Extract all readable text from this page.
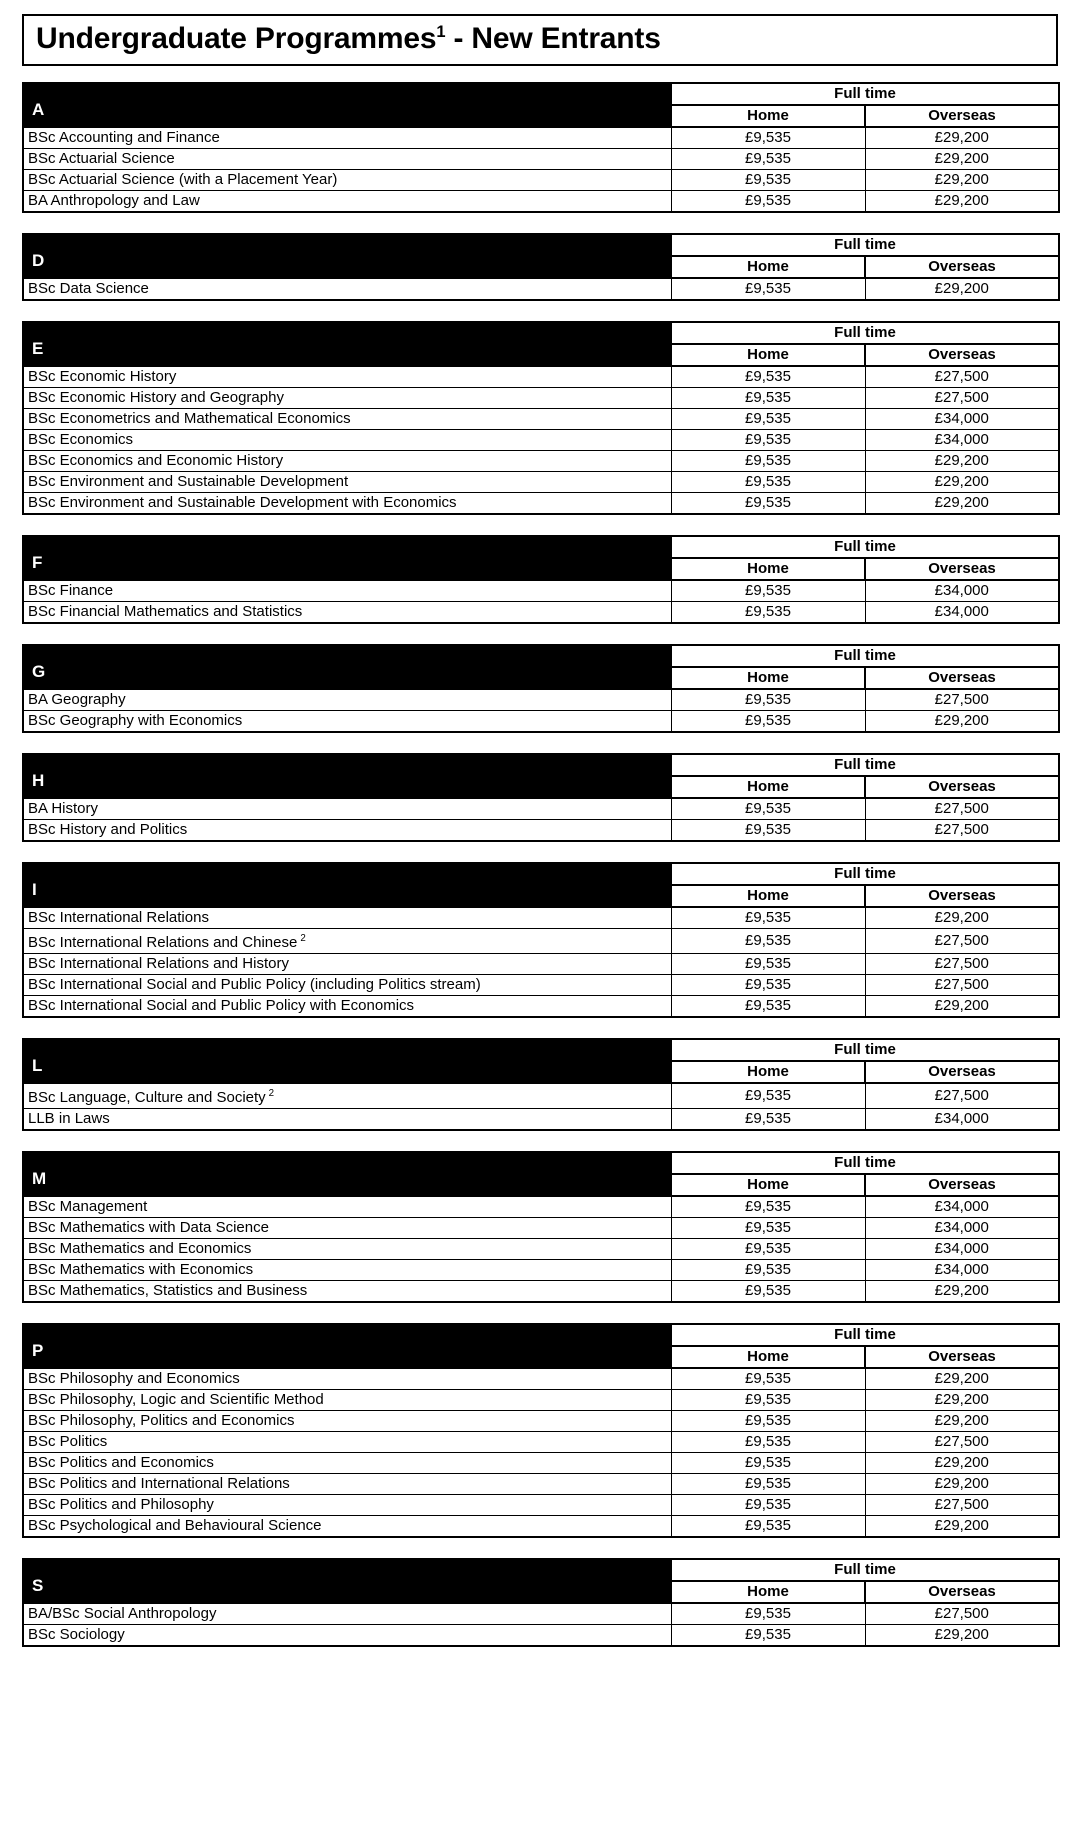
Undergraduate Programmes$^1$ - New Entrants
A	Full time	
	Home	Overseas
BSc Accounting and Finance	£9,535	£29,200
BSc Actuarial Science	£9,535	£29,200
BSc Actuarial Science (with a Placement Year)	£9,535	£29,200
BA Anthropology and Law	£9,535	£29,200
D	Full time	
	Home	Overseas
BSc Data Science	£9,535	£29,200
E	Full time	
	Home	Overseas
BSc Economic History	£9,535	£27,500
BSc Economic History and Geography	£9,535	£27,500
BSc Econometrics and Mathematical Economics	£9,535	£34,000
BSc Economics	£9,535	£34,000
BSc Economics and Economic History	£9,535	£29,200
BSc Environment and Sustainable Development	£9,535	£29,200
BSc Environment and Sustainable Development with Economics	£9,535	£29,200
F	Full time	
	Home	Overseas
BSc Finance	£9,535	£34,000
BSc Financial Mathematics and Statistics	£9,535	£34,000
G	Full time	
	Home	Overseas
BA Geography	£9,535	£27,500
BSc Geography with Economics	£9,535	£29,200
H	Full time	
	Home	Overseas
BA History	£9,535	£27,500
BSc History and Politics	£9,535	£27,500
I	Full time	
	Home	Overseas
BSc International Relations	£9,535	£29,200
BSc International Relations and Chinese $^2$	£9,535	£27,500
BSc International Relations and History	£9,535	£27,500
BSc International Social and Public Policy (including Politics stream)	£9,535	£27,500
BSc International Social and Public Policy with Economics	£9,535	£29,200
L	Full time	
	Home	Overseas
BSc Language, Culture and Society $^2$	£9,535	£27,500
LLB in Laws	£9,535	£34,000
M	Full time	
	Home	Overseas
BSc Management	£9,535	£34,000
BSc Mathematics with Data Science	£9,535	£34,000
BSc Mathematics and Economics	£9,535	£34,000
BSc Mathematics with Economics	£9,535	£34,000
BSc Mathematics, Statistics and Business	£9,535	£29,200
P	Full time	
	Home	Overseas
BSc Philosophy and Economics	£9,535	£29,200
BSc Philosophy, Logic and Scientific Method	£9,535	£29,200
BSc Philosophy, Politics and Economics	£9,535	£29,200
BSc Politics	£9,535	£27,500
BSc Politics and Economics	£9,535	£29,200
BSc Politics and International Relations	£9,535	£29,200
BSc Politics and Philosophy	£9,535	£27,500
BSc Psychological and Behavioural Science	£9,535	£29,200
S	Full time	
	Home	Overseas
BA/BSc Social Anthropology	£9,535	£27,500
BSc Sociology	£9,535	£29,200
